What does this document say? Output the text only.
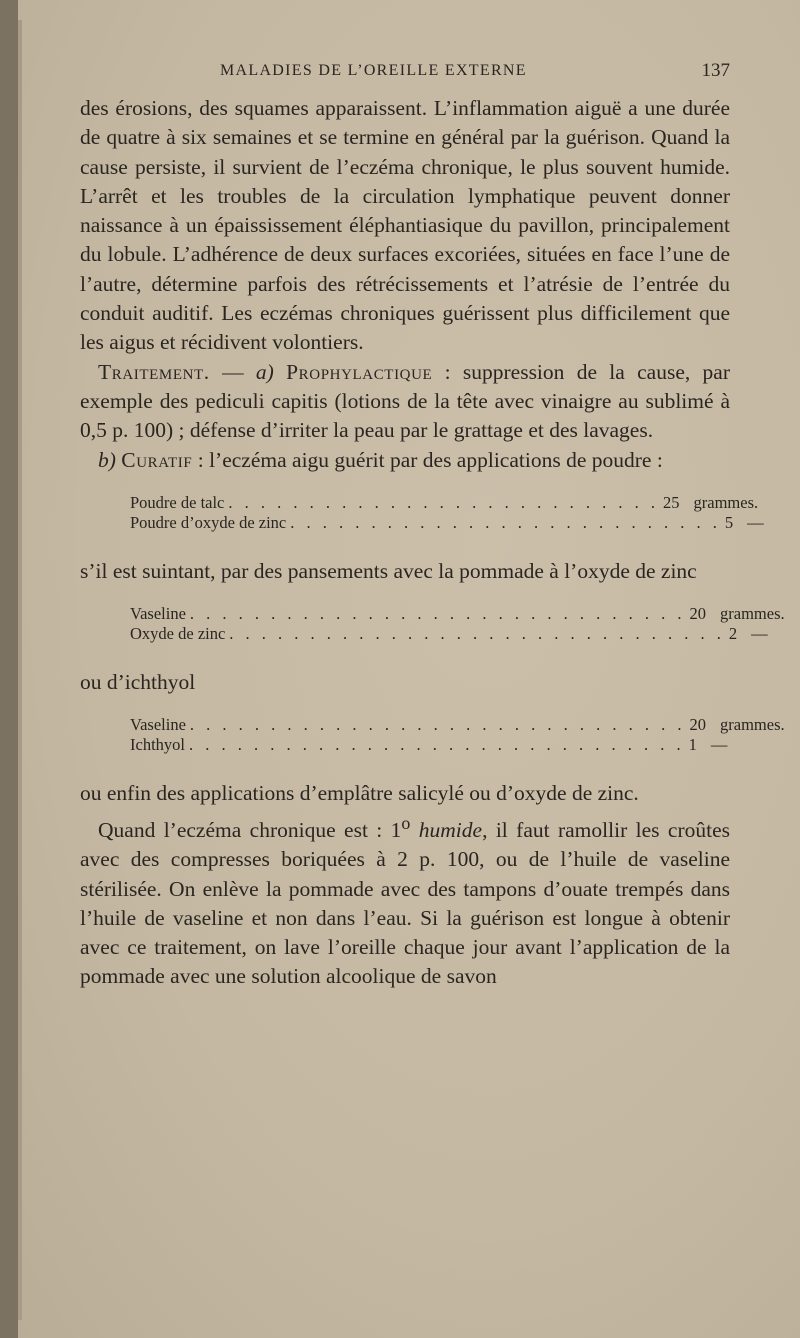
MALADIES DE L’OREILLE EXTERNE	137

des érosions, des squames apparaissent. L’inflammation aiguë a une durée de quatre à six semaines et se termine en général par la guérison. Quand la cause persiste, il survient de l’eczéma chronique, le plus souvent humide. L’arrêt et les troubles de la circulation lymphatique peuvent donner naissance à un épaississement éléphantiasique du pavillon, principalement du lobule. L’adhérence de deux surfaces excoriées, situées en face l’une de l’autre, détermine parfois des rétrécissements et l’atrésie de l’entrée du conduit auditif. Les eczémas chroniques guérissent plus difficilement que les aigus et récidivent volontiers.

Traitement. — a) Prophylactique : suppression de la cause, par exemple des pediculi capitis (lotions de la tête avec vinaigre au sublimé à 0,5 p. 100) ; défense d’irriter la peau par le grattage et des lavages.

b) Curatif : l’eczéma aigu guérit par des applications de poudre :

Poudre de talc . . . . . . . . . . . . . . . . . . . . . . . . . . . 25 grammes.
Poudre d’oxyde de zinc . . . . . . . . . . . . . . . . . . . . . . . . . . . 5 —

s’il est suintant, par des pansements avec la pommade à l’oxyde de zinc

Vaseline . . . . . . . . . . . . . . . . . . . . . . . . . . . . . . . 20 grammes.
Oxyde de zinc . . . . . . . . . . . . . . . . . . . . . . . . . . . . . . . 2 —

ou d’ichthyol

Vaseline . . . . . . . . . . . . . . . . . . . . . . . . . . . . . . . 20 grammes.
Ichthyol . . . . . . . . . . . . . . . . . . . . . . . . . . . . . . . 1 —

ou enfin des applications d’emplâtre salicylé ou d’oxyde de zinc.

Quand l’eczéma chronique est : 1$^o$ humide, il faut ramollir les croûtes avec des compresses boriquées à 2 p. 100, ou de l’huile de vaseline stérilisée. On enlève la pommade avec des tampons d’ouate trempés dans l’huile de vaseline et non dans l’eau. Si la guérison est longue à obtenir avec ce traitement, on lave l’oreille chaque jour avant l’application de la pommade avec une solution alcoolique de savon
